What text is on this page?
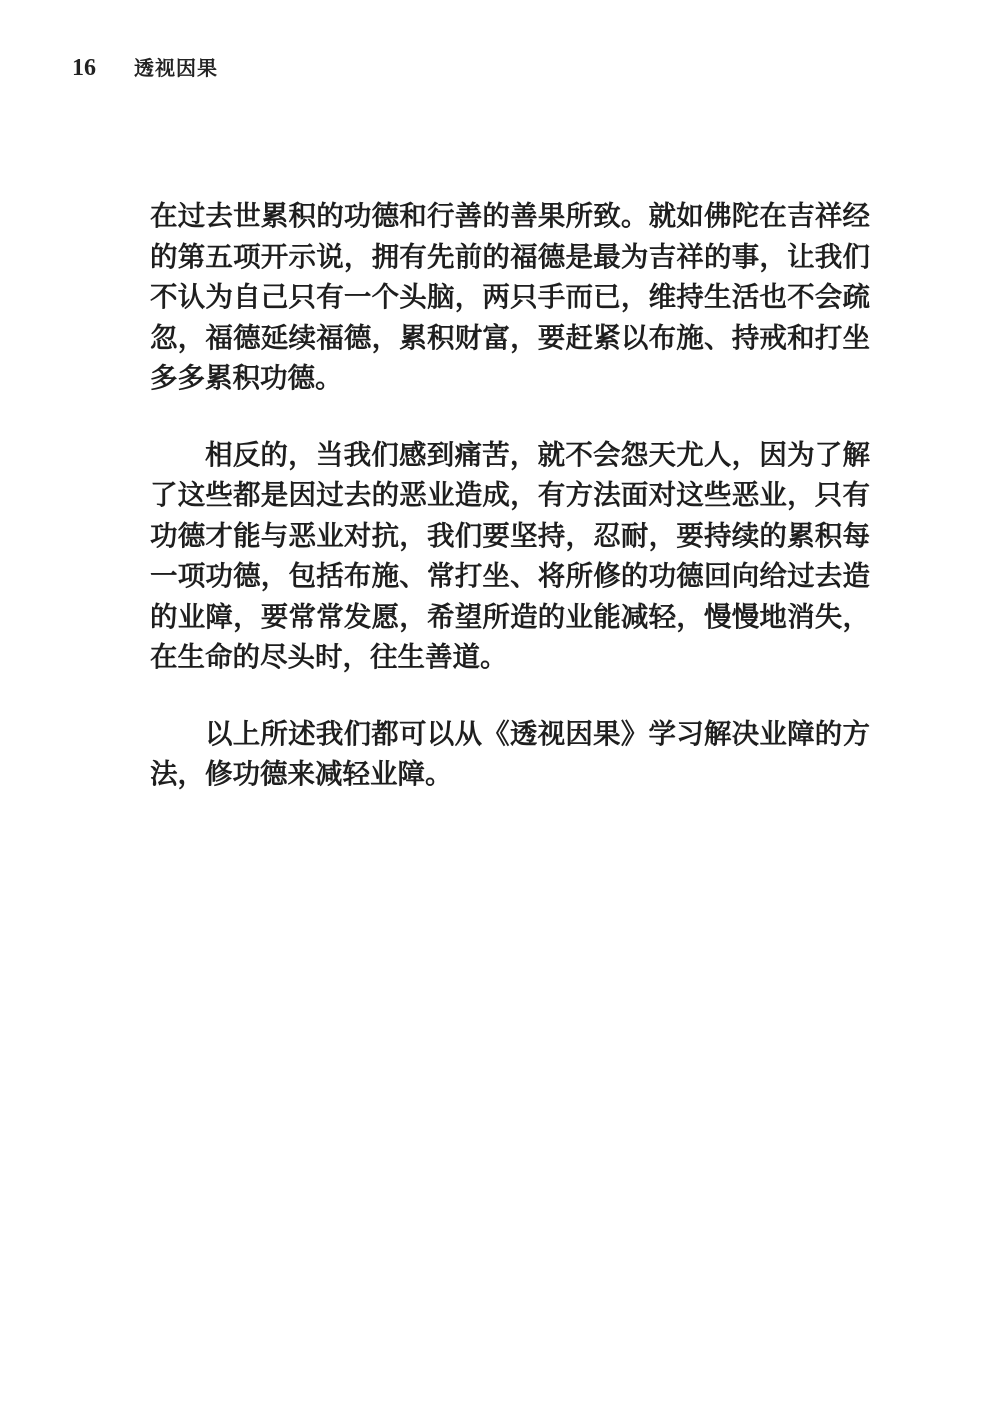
16 透视因果

在过去世累积的功德和行善的善果所致。就如佛陀在吉祥经的第五项开示说，拥有先前的福德是最为吉祥的事，让我们不认为自己只有一个头脑，两只手而已，维持生活也不会疏忽，福德延续福德，累积财富，要赶紧以布施、持戒和打坐多多累积功德。

相反的，当我们感到痛苦，就不会怨天尤人，因为了解了这些都是因过去的恶业造成，有方法面对这些恶业，只有功德才能与恶业对抗，我们要坚持，忍耐，要持续的累积每一项功德，包括布施、常打坐、将所修的功德回向给过去造的业障，要常常发愿，希望所造的业能减轻，慢慢地消失，在生命的尽头时，往生善道。

以上所述我们都可以从《透视因果》学习解决业障的方法，修功德来减轻业障。
